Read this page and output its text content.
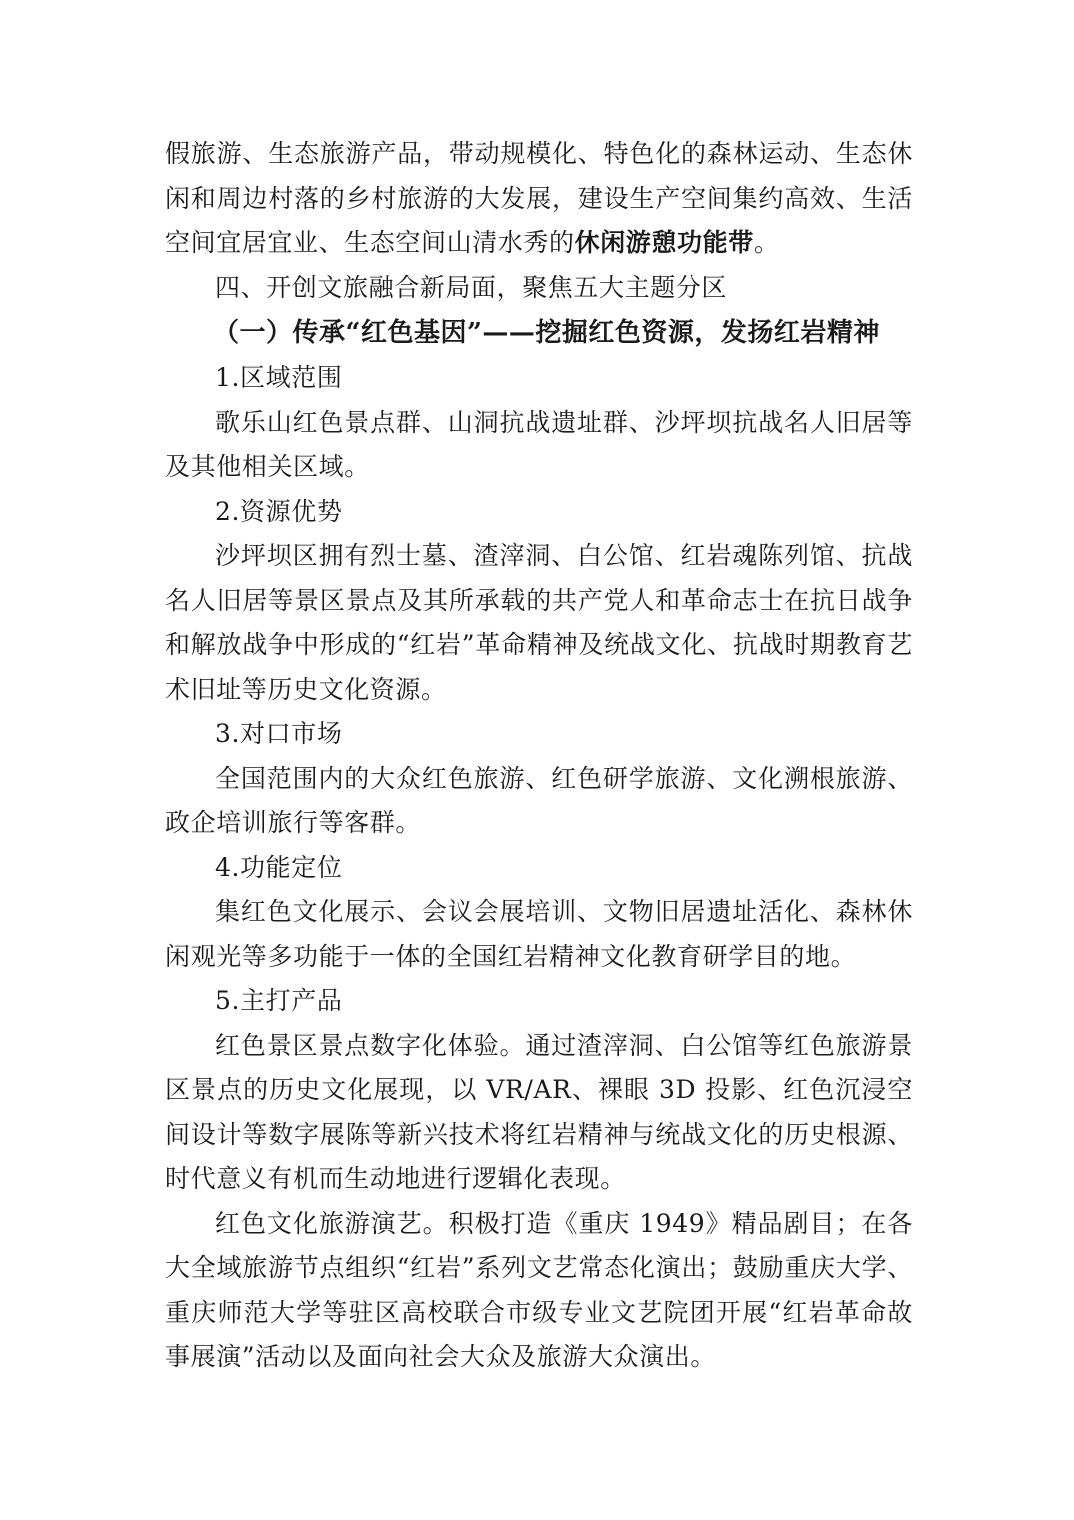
假旅游、生态旅游产品，带动规模化、特色化的森林运动、生态休闲和周边村落的乡村旅游的大发展，建设生产空间集约高效、生活空间宜居宜业、生态空间山清水秀的休闲游憩功能带。

四、开创文旅融合新局面，聚焦五大主题分区

（一）传承“红色基因”——挖掘红色资源，发扬红岩精神

1.区域范围

歌乐山红色景点群、山洞抗战遗址群、沙坪坝抗战名人旧居等及其他相关区域。

2.资源优势

沙坪坝区拥有烈士墓、渣滓洞、白公馆、红岩魂陈列馆、抗战名人旧居等景区景点及其所承载的共产党人和革命志士在抗日战争和解放战争中形成的“红岩”革命精神及统战文化、抗战时期教育艺术旧址等历史文化资源。

3.对口市场

全国范围内的大众红色旅游、红色研学旅游、文化溯根旅游、政企培训旅行等客群。

4.功能定位

集红色文化展示、会议会展培训、文物旧居遗址活化、森林休闲观光等多功能于一体的全国红岩精神文化教育研学目的地。

5.主打产品

红色景区景点数字化体验。通过渣滓洞、白公馆等红色旅游景区景点的历史文化展现，以 VR/AR、裸眼 3D 投影、红色沉浸空间设计等数字展陈等新兴技术将红岩精神与统战文化的历史根源、时代意义有机而生动地进行逻辑化表现。

红色文化旅游演艺。积极打造《重庆 1949》精品剧目；在各大全域旅游节点组织“红岩”系列文艺常态化演出；鼓励重庆大学、重庆师范大学等驻区高校联合市级专业文艺院团开展“红岩革命故事展演”活动以及面向社会大众及旅游大众演出。
